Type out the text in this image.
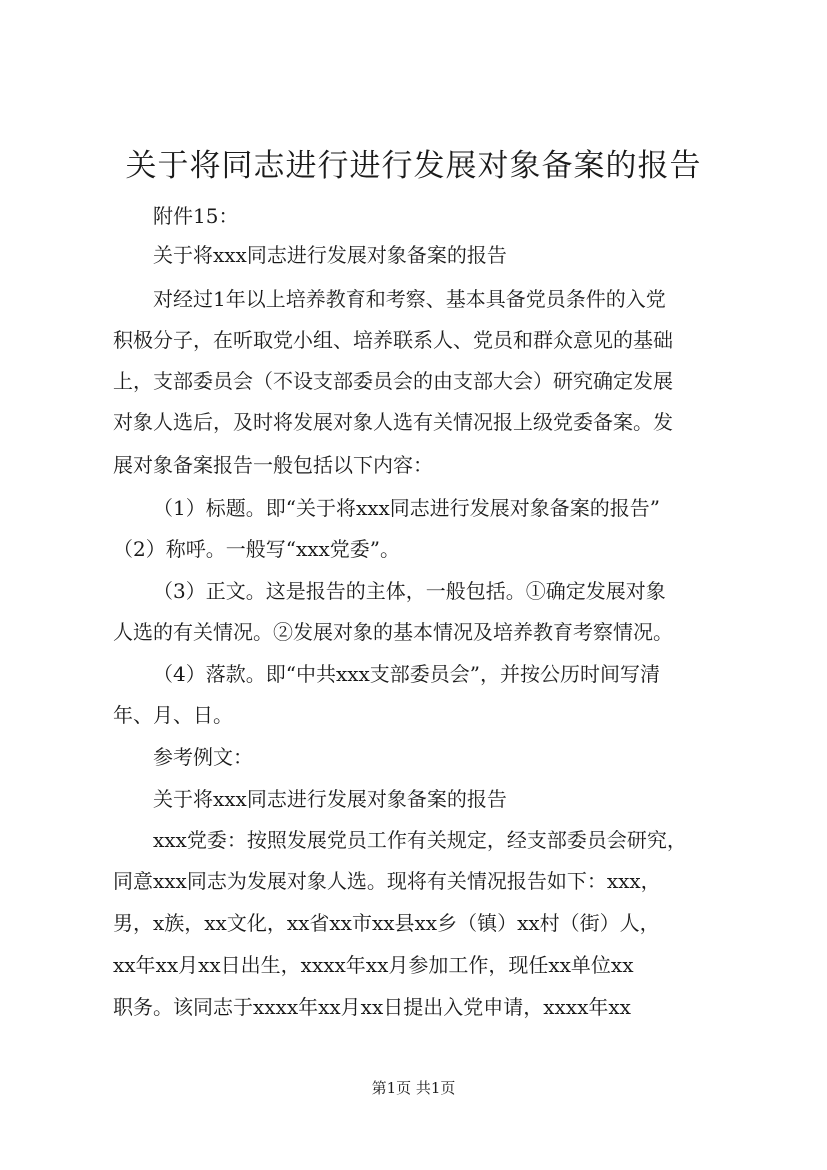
关于将同志进行进行发展对象备案的报告
附件15：
关于将xxx同志进行发展对象备案的报告
对经过1年以上培养教育和考察、基本具备党员条件的入党
积极分子，在听取党小组、培养联系人、党员和群众意见的基础
上，支部委员会（不设支部委员会的由支部大会）研究确定发展
对象人选后，及时将发展对象人选有关情况报上级党委备案。发
展对象备案报告一般包括以下内容：
（1）标题。即“关于将xxx同志进行发展对象备案的报告”
（2）称呼。一般写“xxx党委”。
（3）正文。这是报告的主体，一般包括。①确定发展对象
人选的有关情况。②发展对象的基本情况及培养教育考察情况。
（4）落款。即“中共xxx支部委员会”，并按公历时间写清
年、月、日。
参考例文：
关于将xxx同志进行发展对象备案的报告
xxx党委：按照发展党员工作有关规定，经支部委员会研究，
同意xxx同志为发展对象人选。现将有关情况报告如下：xxx，
男，x族，xx文化，xx省xx市xx县xx乡（镇）xx村（街）人，
xx年xx月xx日出生，xxxx年xx月参加工作，现任xx单位xx
职务。该同志于xxxx年xx月xx日提出入党申请，xxxx年xx
第1页 共1页
